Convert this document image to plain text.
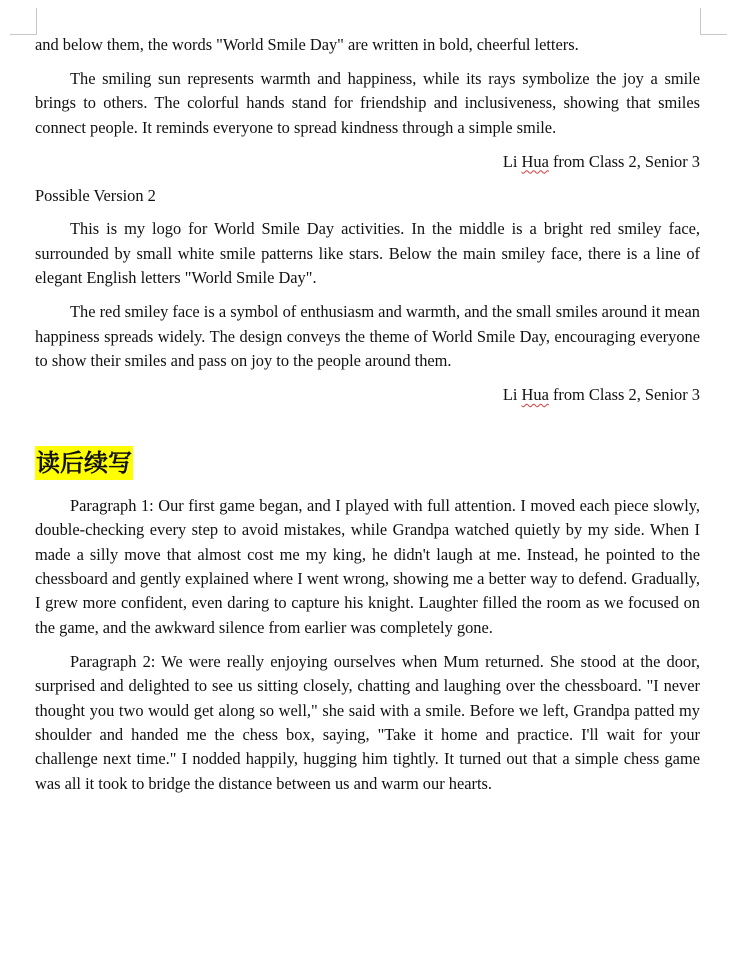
and below them, the words "World Smile Day" are written in bold, cheerful letters.

The smiling sun represents warmth and happiness, while its rays symbolize the joy a smile brings to others. The colorful hands stand for friendship and inclusiveness, showing that smiles connect people. It reminds everyone to spread kindness through a simple smile.

Li Hua from Class 2, Senior 3

Possible Version 2

This is my logo for World Smile Day activities. In the middle is a bright red smiley face, surrounded by small white smile patterns like stars. Below the main smiley face, there is a line of elegant English letters "World Smile Day".

The red smiley face is a symbol of enthusiasm and warmth, and the small smiles around it mean happiness spreads widely. The design conveys the theme of World Smile Day, encouraging everyone to show their smiles and pass on joy to the people around them.

Li Hua from Class 2, Senior 3

读后续写

Paragraph 1: Our first game began, and I played with full attention. I moved each piece slowly, double-checking every step to avoid mistakes, while Grandpa watched quietly by my side. When I made a silly move that almost cost me my king, he didn't laugh at me. Instead, he pointed to the chessboard and gently explained where I went wrong, showing me a better way to defend. Gradually, I grew more confident, even daring to capture his knight. Laughter filled the room as we focused on the game, and the awkward silence from earlier was completely gone.

Paragraph 2: We were really enjoying ourselves when Mum returned. She stood at the door, surprised and delighted to see us sitting closely, chatting and laughing over the chessboard. "I never thought you two would get along so well," she said with a smile. Before we left, Grandpa patted my shoulder and handed me the chess box, saying, "Take it home and practice. I'll wait for your challenge next time." I nodded happily, hugging him tightly. It turned out that a simple chess game was all it took to bridge the distance between us and warm our hearts.
